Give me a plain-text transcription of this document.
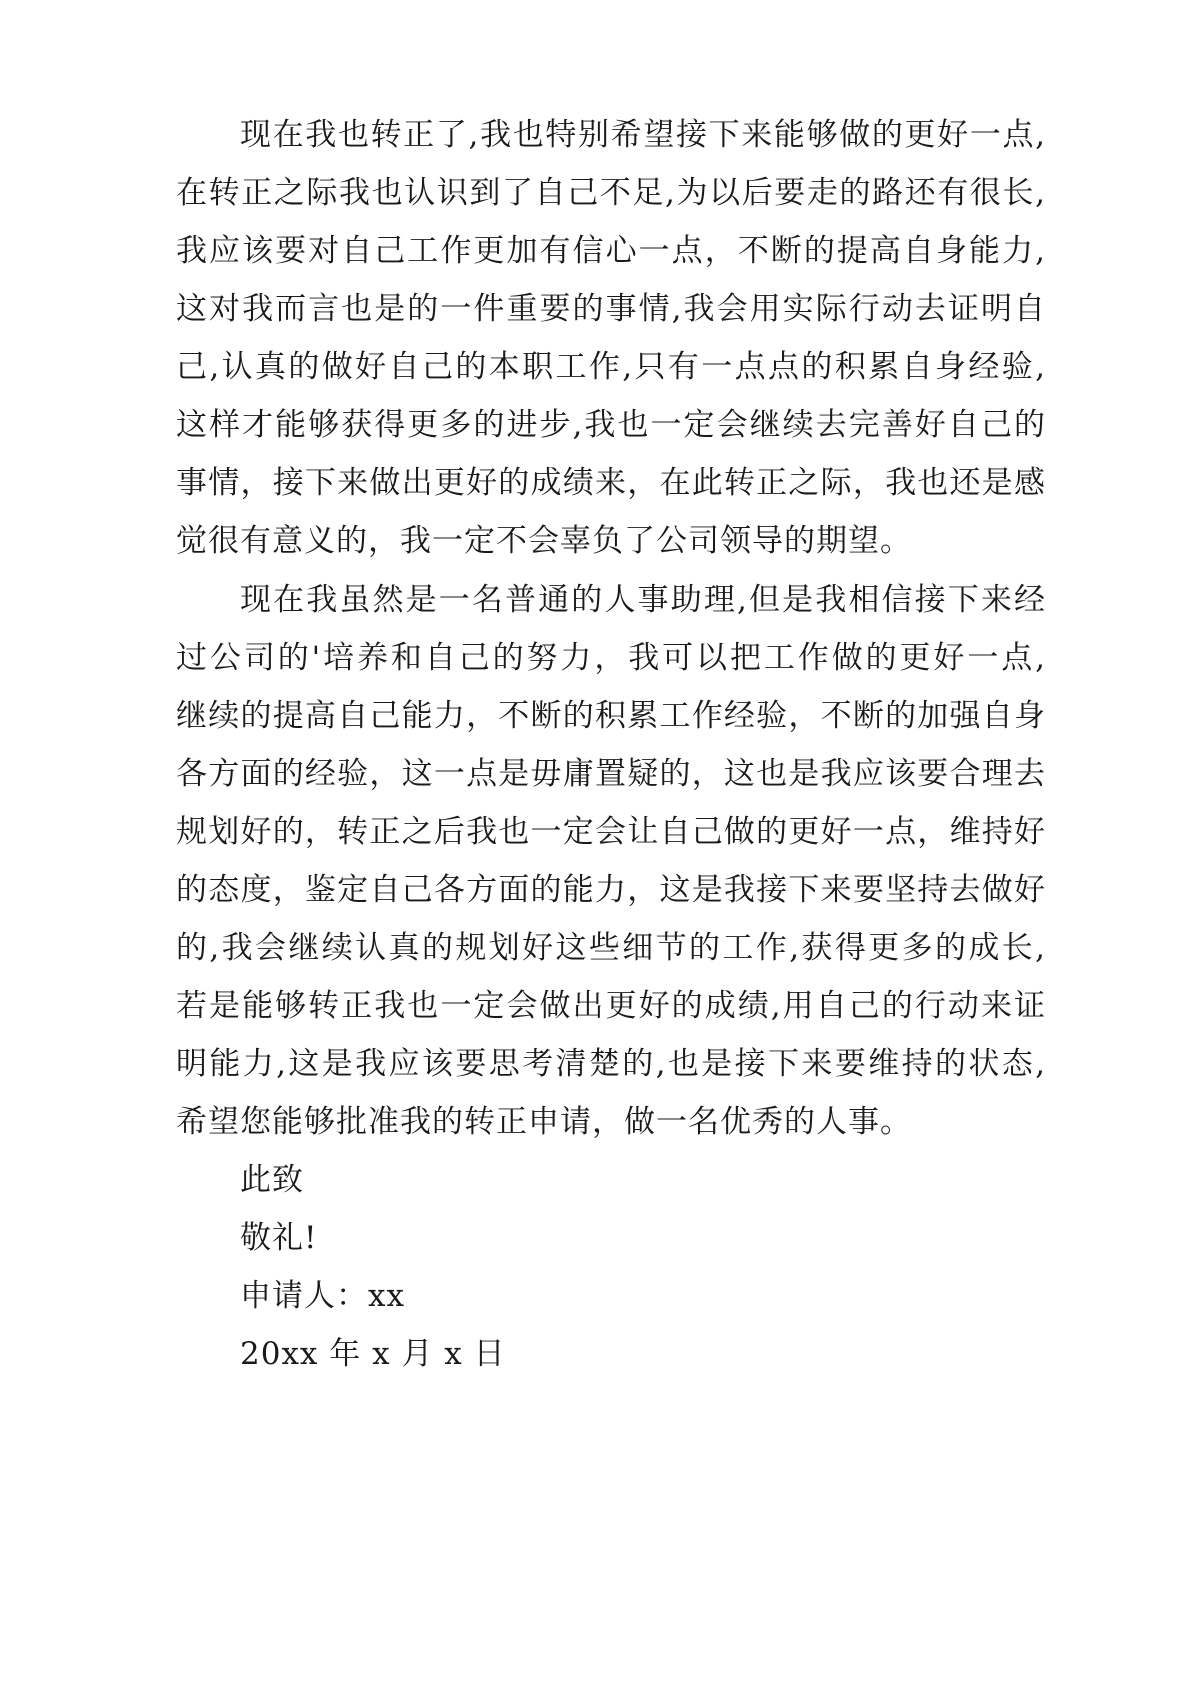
现在我也转正了,我也特别希望接下来能够做的更好一点,
在转正之际我也认识到了自己不足,为以后要走的路还有很长,
我应该要对自己工作更加有信心一点，不断的提高自身能力,
这对我而言也是的一件重要的事情,我会用实际行动去证明自
己,认真的做好自己的本职工作,只有一点点的积累自身经验,
这样才能够获得更多的进步,我也一定会继续去完善好自己的
事情，接下来做出更好的成绩来，在此转正之际，我也还是感
觉很有意义的，我一定不会辜负了公司领导的期望。
现在我虽然是一名普通的人事助理,但是我相信接下来经
过公司的'培养和自己的努力，我可以把工作做的更好一点,
继续的提高自己能力，不断的积累工作经验，不断的加强自身
各方面的经验，这一点是毋庸置疑的，这也是我应该要合理去
规划好的，转正之后我也一定会让自己做的更好一点，维持好
的态度，鉴定自己各方面的能力，这是我接下来要坚持去做好
的,我会继续认真的规划好这些细节的工作,获得更多的成长,
若是能够转正我也一定会做出更好的成绩,用自己的行动来证
明能力,这是我应该要思考清楚的,也是接下来要维持的状态,
希望您能够批准我的转正申请，做一名优秀的人事。
此致
敬礼!
申请人：xx
20xx 年 x 月 x 日
